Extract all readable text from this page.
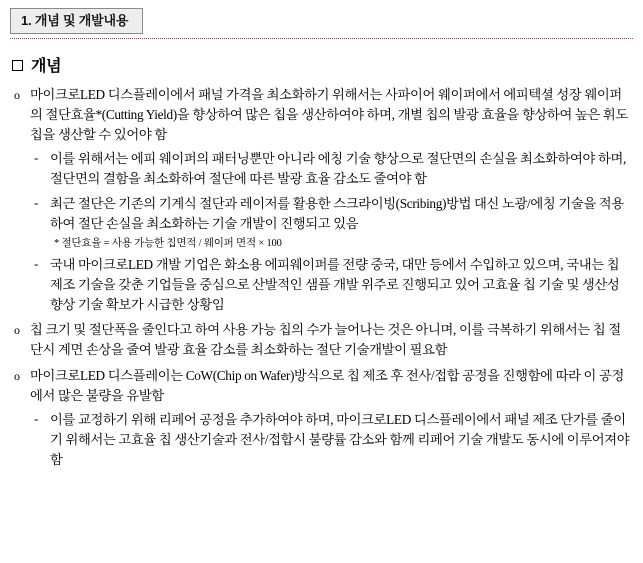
1. 개념 및 개발내용
개념
o 마이크로LED 디스플레이에서 패널 가격을 최소화하기 위해서는 사파이어 웨이퍼에서 에피텍셜 성장 웨이퍼의 절단효율*(Cutting Yield)을 향상하여 많은 칩을 생산하여야 하며, 개별 칩의 발광 효율을 향상하여 높은 휘도 칩을 생산할 수 있어야 함
- 이를 위해서는 에피 웨이퍼의 패터닝뿐만 아니라 에칭 기술 향상으로 절단면의 손실을 최소화하여야 하며, 절단면의 결함을 최소화하여 절단에 따른 발광 효율 감소도 줄여야 함
- 최근 절단은 기존의 기계식 절단과 레이저를 활용한 스크라이빙(Scribing)방법 대신 노광/에칭 기술을 적용하여 절단 손실을 최소화하는 기술 개발이 진행되고 있음
* 절단효율 = 사용 가능한 칩면적 / 웨이퍼 면적 × 100
- 국내 마이크로LED 개발 기업은 화소용 에피웨이퍼를 전량 중국, 대만 등에서 수입하고 있으며, 국내는 칩 제조 기술을 갖춘 기업들을 중심으로 산발적인 샘플 개발 위주로 진행되고 있어 고효율 칩 기술 및 생산성 향상 기술 확보가 시급한 상황임
o 칩 크기 및 절단폭을 줄인다고 하여 사용 가능 칩의 수가 늘어나는 것은 아니며, 이를 극복하기 위해서는 칩 절단시 계면 손상을 줄여 발광 효율 감소를 최소화하는 절단 기술개발이 필요함
o 마이크로LED 디스플레이는 CoW(Chip on Wafer)방식으로 칩 제조 후 전사/접합 공정을 진행함에 따라 이 공정에서 많은 불량을 유발함
- 이를 교정하기 위해 리페어 공정을 추가하여야 하며, 마이크로LED 디스플레이에서 패널 제조 단가를 줄이기 위해서는 고효율 칩 생산기술과 전사/접합시 불량률 감소와 함께 리페어 기술 개발도 동시에 이루어져야 함
